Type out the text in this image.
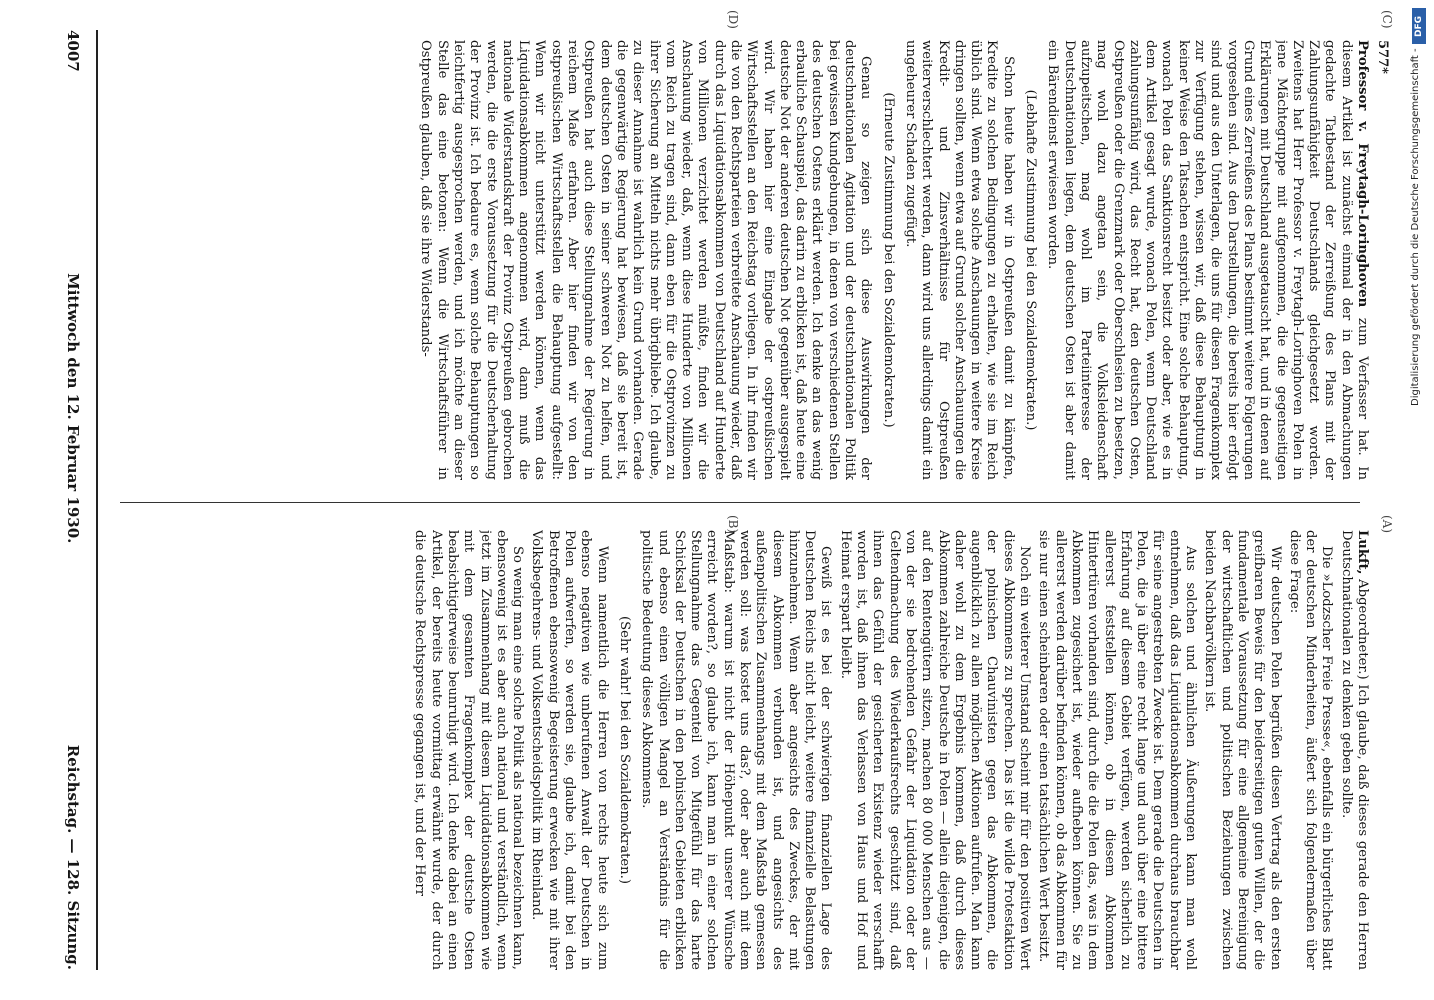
577*

Professor v. Freytagh-Loringhoven zum Verfasser hat. In diesem Artikel ist zunächst einmal der in den Abmachungen gedachte Tatbestand der Zerreißung des Plans mit der Zahlungsunfähigkeit Deutschlands gleichgesetzt worden. Zweitens hat Herr Professor v. Freytagh-Loringhoven Polen in jene Mächtegruppe mit aufgenommen, die die gegenseitigen Erklärungen mit Deutschland ausgetauscht hat, und in denen auf Grund eines Zerreißens des Plans bestimmt weitere Folgerungen vorgesehen sind. Aus den Darstellungen, die bereits hier erfolgt sind und aus den Unterlagen, die uns für diesen Fragenkomplex zur Verfügung stehen, wissen wir, daß diese Behauptung in keiner Weise den Tatsachen entspricht. Eine solche Behauptung, wonach Polen das Sanktionsrecht besitzt oder aber, wie es in dem Artikel gesagt wurde, wonach Polen, wenn Deutschland zahlungsunfähig wird, das Recht hat, den deutschen Osten, Ostpreußen oder die Grenzmark oder Oberschlesien zu besetzen, mag wohl dazu angetan sein, die Volksleidenschaft aufzupeitschen, mag wohl im Parteiinteresse der Deutschnationalen liegen, dem deutschen Osten ist aber damit ein Bärendienst erwiesen worden.

(Lebhafte Zustimmung bei den Sozialdemokraten.)

Schon heute haben wir in Ostpreußen damit zu kämpfen, Kredite zu solchen Bedingungen zu erhalten, wie sie im Reich üblich sind. Wenn etwa solche Anschauungen in weitere Kreise dringen sollten, wenn etwa auf Grund solcher Anschauungen die Kredit- und Zinsverhältnisse für Ostpreußen weiterverschlechtert werden, dann wird uns allerdings damit ein ungeheurer Schaden zugefügt.

(Erneute Zustimmung bei den Sozialdemokraten.)

Genau so zeigen sich diese Auswirkungen der deutschnationalen Agitation und der deutschnationalen Politik bei gewissen Kundgebungen, in denen von verschiedenen Stellen des deutschen Ostens erklärt werden. Ich denke an das wenig erbauliche Schauspiel, das darin zu erblicken ist, daß heute eine deutsche Not der anderen deutschen Not gegenüber ausgespielt wird. Wir haben hier eine Eingabe der ostpreußischen Wirtschaftsstellen an den Reichstag vorliegen. In ihr finden wir die von den Rechtsparteien verbreitete Anschauung wieder, daß durch das Liquidationsabkommen von Deutschland auf Hunderte von Millionen verzichtet werden müßte, finden wir die Anschauung wieder, daß, wenn diese Hunderte von Millionen vom Reich zu tragen sind, dann eben für die Ostprovinzen zu ihrer Sicherung an Mitteln nichts mehr übrigbliebe. Ich glaube, zu dieser Annahme ist wahrlich kein Grund vorhanden. Gerade die gegenwärtige Regierung hat bewiesen, daß sie bereit ist, dem deutschen Osten in seiner schweren Not zu helfen, und Ostpreußen hat auch diese Stellungnahme der Regierung in reichem Maße erfahren. Aber hier finden wir von den ostpreußischen Wirtschaftsstellen die Behauptung aufgestellt: Wenn wir nicht unterstützt werden können, wenn das Liquidationsabkommen angenommen wird, dann muß die nationale Widerstandskraft der Provinz Ostpreußen gebrochen werden, die die erste Voraussetzung für die Deutscherhaltung der Provinz ist. Ich bedaure es, wenn solche Behauptungen so leichtfertig ausgesprochen werden, und ich möchte an dieser Stelle das eine betonen: Wenn die Wirtschaftsführer in Ostpreußen glauben, daß sie ihre Widerstands-

Lukft, Abgeordneter.) Ich glaube, daß dieses gerade den Herren Deutschnationalen zu denken geben sollte.

Die »Lodzscher Freie Presse«, ebenfalls ein bürgerliches Blatt der deutschen Minderheiten, äußert sich folgendermaßen über diese Frage:

Wir deutschen Polen begrüßen diesen Vertrag als den ersten greifbaren Beweis für den beiderseitigen guten Willen, der die fundamentale Voraussetzung für eine allgemeine Bereinigung der wirtschaftlichen und politischen Beziehungen zwischen beiden Nachbarvölkern ist.

Aus solchen und ähnlichen Äußerungen kann man wohl entnehmen, daß das Liquidationsabkommen durchaus brauchbar für seine angestrebten Zwecke ist. Dem gerade die Deutschen in Polen, die ja über eine recht lange und auch über eine bittere Erfahrung auf diesem Gebiet verfügen, werden sicherlich zu allererst feststellen können, ob in diesem Abkommen Hintertüren vorhanden sind, durch die die Polen das, was in dem Abkommen zugesichert ist, wieder aufheben können. Sie zu allererst werden darüber befinden können, ob das Abkommen für sie nur einen scheinbaren oder einen tatsächlichen Wert besitzt.

Noch ein weiterer Umstand scheint mir für den positiven Wert dieses Abkommens zu sprechen. Das ist die wilde Protestaktion der polnischen Chauvinisten gegen das Abkommen, die augenblicklich zu allen möglichen Aktionen aufrufen. Man kann daher wohl zu dem Ergebnis kommen, daß durch dieses Abkommen zahlreiche Deutsche in Polen — allein diejenigen, die auf den Rentengütern sitzen, machen 80 000 Menschen aus — von der sie bedrohenden Gefahr der Liquidation oder der Geltendmachung des Wiederkaufsrechts geschützt sind, daß ihnen das Gefühl der gesicherten Existenz wieder verschafft worden ist, daß ihnen das Verlassen von Haus und Hof und Heimat erspart bleibt.

Gewiß ist es bei der schwierigen finanziellen Lage des Deutschen Reichs nicht leicht, weitere finanzielle Belastungen hinzunehmen. Wenn aber angesichts des Zweckes, der mit diesem Abkommen verbunden ist, und angesichts des außenpolitischen Zusammenhangs mit dem Maßstab gemessen werden soll: was kostet uns das?, oder aber auch mit dem Maßstab: warum ist nicht der Höhepunkt unserer Wünsche erreicht worden?, so glaube ich, kann man in einer solchen Stellungnahme das Gegenteil von Mitgefühl für das harte Schicksal der Deutschen in den polnischen Gebieten erblicken und ebenso einen völligen Mangel an Verständnis für die politische Bedeutung dieses Abkommens.

(Sehr wahr! bei den Sozialdemokraten.)

Wenn namentlich die Herren von rechts heute sich zum ebenso negativen wie unberufenen Anwalt der Deutschen in Polen aufwerfen, so werden sie, glaube ich, damit bei den Betroffenen ebensowenig Begeisterung erwecken wie mit ihrer Volksbegehrens- und Volksentscheidspolitik im Rheinland.

So wenig man eine solche Politik als national bezeichnen kann, ebensowenig ist es aber auch national und verständlich, wenn jetzt im Zusammenhang mit diesem Liquidationsabkommen wie mit dem gesamten Fragenkomplex der deutsche Osten beabsichtigterweise beunruhigt wird. Ich denke dabei an einen Artikel, der bereits heute vormittag erwähnt wurde, der durch die deutsche Rechtspresse gegangen ist, und der Herr

(A)
(B)
(C)
(D)
4007
Mittwoch den 12. Februar 1930.
Reichstag. — 128. Sitzung.
DFG
Digitalisierung gefördert durch die Deutsche Forschungsgemeinschaft -
